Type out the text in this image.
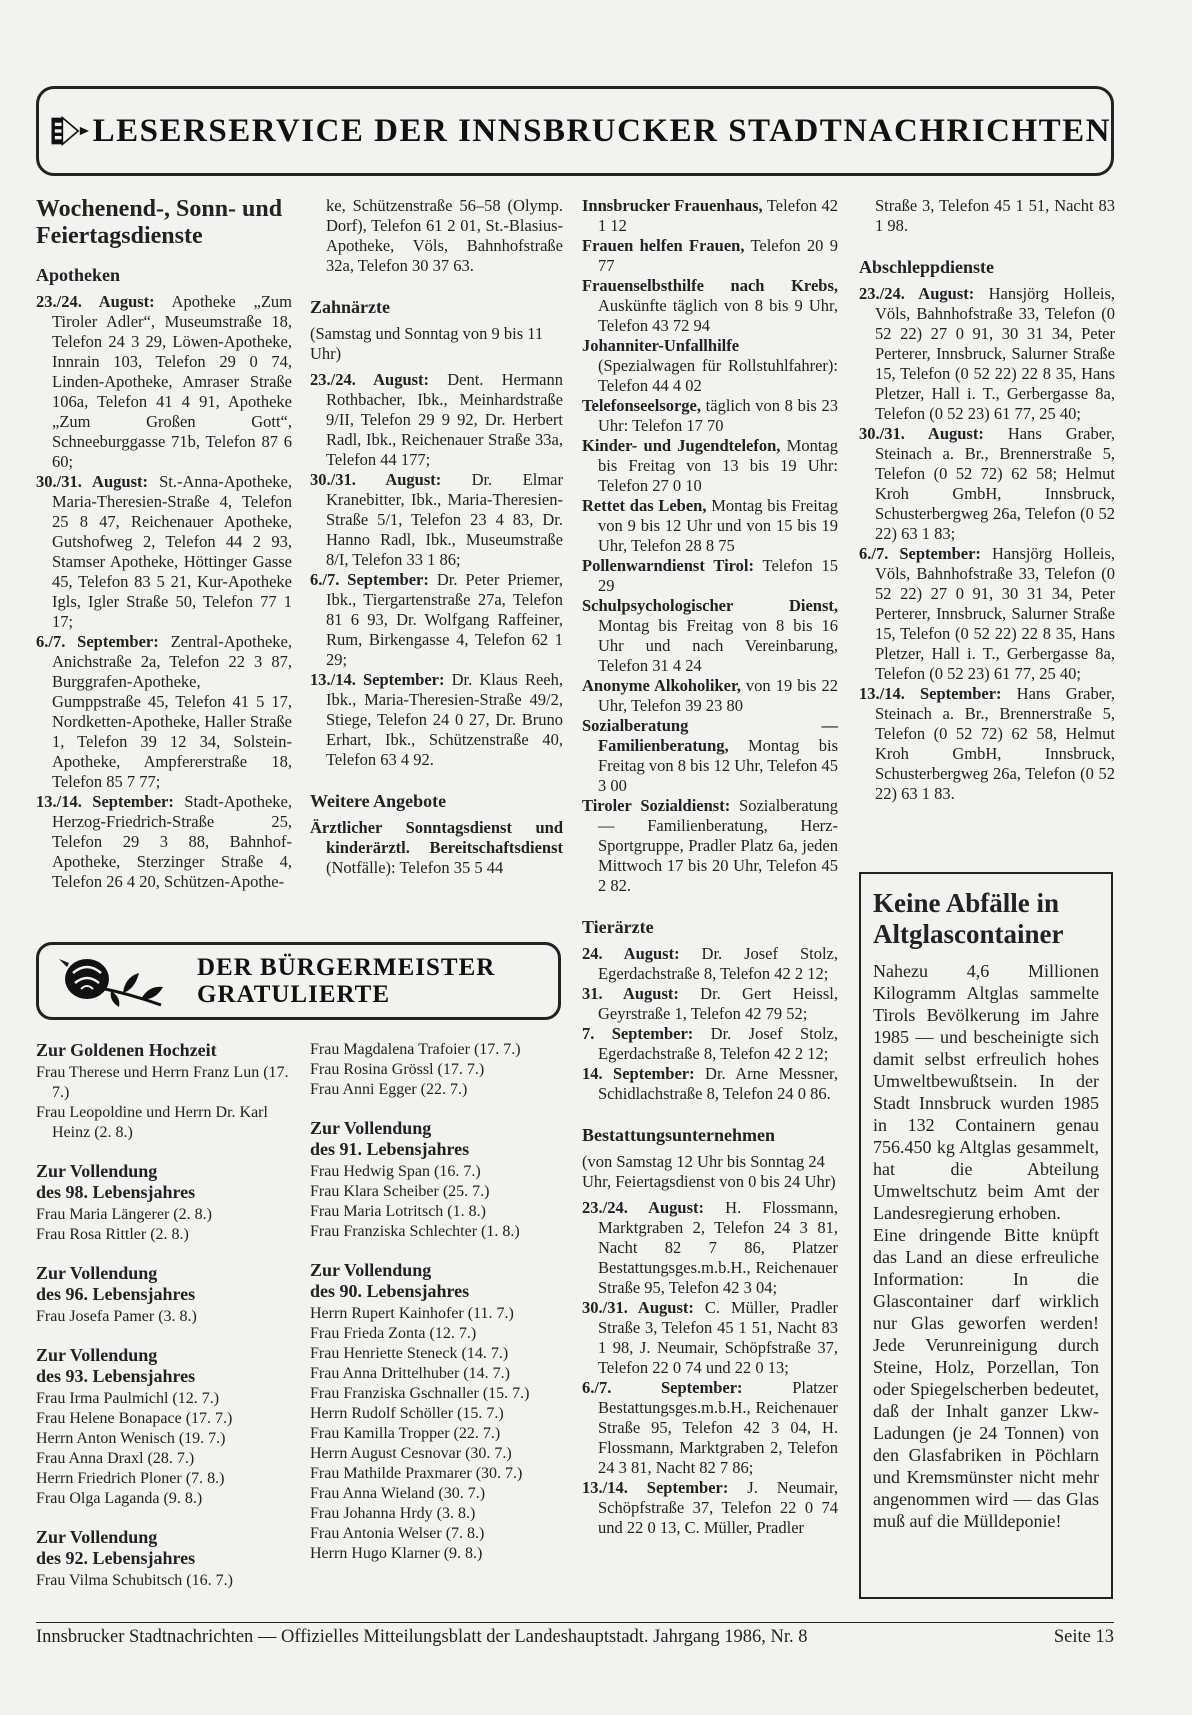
LESERSERVICE DER INNSBRUCKER STADTNACHRICHTEN
Wochenend-, Sonn- und Feiertagsdienste
Apotheken
23./24. August: Apotheke „Zum Tiroler Adler“, Museumstraße 18, Telefon 24 3 29, Löwen-Apotheke, Innrain 103, Telefon 29 0 74, Linden-Apotheke, Amraser Straße 106a, Telefon 41 4 91, Apotheke „Zum Großen Gott“, Schneeburggasse 71b, Telefon 87 6 60;
30./31. August: St.-Anna-Apotheke, Maria-Theresien-Straße 4, Telefon 25 8 47, Reichenauer Apotheke, Gutshofweg 2, Telefon 44 2 93, Stamser Apotheke, Höttinger Gasse 45, Telefon 83 5 21, Kur-Apotheke Igls, Igler Straße 50, Telefon 77 1 17;
6./7. September: Zentral-Apotheke, Anichstraße 2a, Telefon 22 3 87, Burggrafen-Apotheke, Gumppstraße 45, Telefon 41 5 17, Nordketten-Apotheke, Haller Straße 1, Telefon 39 12 34, Solstein-Apotheke, Ampfererstraße 18, Telefon 85 7 77;
13./14. September: Stadt-Apotheke, Herzog-Friedrich-Straße 25, Telefon 29 3 88, Bahnhof-Apotheke, Sterzinger Straße 4, Telefon 26 4 20, Schützen-Apothe-
ke, Schützenstraße 56–58 (Olymp. Dorf), Telefon 61 2 01, St.-Blasius-Apotheke, Völs, Bahnhofstraße 32a, Telefon 30 37 63.
Zahnärzte
(Samstag und Sonntag von 9 bis 11 Uhr)
23./24. August: Dent. Hermann Rothbacher, Ibk., Meinhardstraße 9/II, Telefon 29 9 92, Dr. Herbert Radl, Ibk., Reichenauer Straße 33a, Telefon 44 177;
30./31. August: Dr. Elmar Kranebitter, Ibk., Maria-Theresien-Straße 5/1, Telefon 23 4 83, Dr. Hanno Radl, Ibk., Museumstraße 8/I, Telefon 33 1 86;
6./7. September: Dr. Peter Priemer, Ibk., Tiergartenstraße 27a, Telefon 81 6 93, Dr. Wolfgang Raffeiner, Rum, Birkengasse 4, Telefon 62 1 29;
13./14. September: Dr. Klaus Reeh, Ibk., Maria-Theresien-Straße 49/2, Stiege, Telefon 24 0 27, Dr. Bruno Erhart, Ibk., Schützenstraße 40, Telefon 63 4 92.
Weitere Angebote
Ärztlicher Sonntagsdienst und kinderärztl. Bereitschaftsdienst (Notfälle): Telefon 35 5 44
Innsbrucker Frauenhaus, Telefon 42 1 12
Frauen helfen Frauen, Telefon 20 9 77
Frauenselbsthilfe nach Krebs, Auskünfte täglich von 8 bis 9 Uhr, Telefon 43 72 94
Johanniter-Unfallhilfe (Spezialwagen für Rollstuhlfahrer): Telefon 44 4 02
Telefonseelsorge, täglich von 8 bis 23 Uhr: Telefon 17 70
Kinder- und Jugendtelefon, Montag bis Freitag von 13 bis 19 Uhr: Telefon 27 0 10
Rettet das Leben, Montag bis Freitag von 9 bis 12 Uhr und von 15 bis 19 Uhr, Telefon 28 8 75
Pollenwarndienst Tirol: Telefon 15 29
Schulpsychologischer Dienst, Montag bis Freitag von 8 bis 16 Uhr und nach Vereinbarung, Telefon 31 4 24
Anonyme Alkoholiker, von 19 bis 22 Uhr, Telefon 39 23 80
Sozialberatung — Familienberatung, Montag bis Freitag von 8 bis 12 Uhr, Telefon 45 3 00
Tiroler Sozialdienst: Sozialberatung — Familienberatung, Herz-Sportgruppe, Pradler Platz 6a, jeden Mittwoch 17 bis 20 Uhr, Telefon 45 2 82.
Tierärzte
24. August: Dr. Josef Stolz, Egerdachstraße 8, Telefon 42 2 12;
31. August: Dr. Gert Heissl, Geyrstraße 1, Telefon 42 79 52;
7. September: Dr. Josef Stolz, Egerdachstraße 8, Telefon 42 2 12;
14. September: Dr. Arne Messner, Schidlachstraße 8, Telefon 24 0 86.
Bestattungsunternehmen
(von Samstag 12 Uhr bis Sonntag 24 Uhr, Feiertagsdienst von 0 bis 24 Uhr)
23./24. August: H. Flossmann, Marktgraben 2, Telefon 24 3 81, Nacht 82 7 86, Platzer Bestattungsges.m.b.H., Reichenauer Straße 95, Telefon 42 3 04;
30./31. August: C. Müller, Pradler Straße 3, Telefon 45 1 51, Nacht 83 1 98, J. Neumair, Schöpfstraße 37, Telefon 22 0 74 und 22 0 13;
6./7. September: Platzer Bestattungsges.m.b.H., Reichenauer Straße 95, Telefon 42 3 04, H. Flossmann, Marktgraben 2, Telefon 24 3 81, Nacht 82 7 86;
13./14. September: J. Neumair, Schöpfstraße 37, Telefon 22 0 74 und 22 0 13, C. Müller, Pradler
Straße 3, Telefon 45 1 51, Nacht 83 1 98.
Abschleppdienste
23./24. August: Hansjörg Holleis, Völs, Bahnhofstraße 33, Telefon (0 52 22) 27 0 91, 30 31 34, Peter Perterer, Innsbruck, Salurner Straße 15, Telefon (0 52 22) 22 8 35, Hans Pletzer, Hall i. T., Gerbergasse 8a, Telefon (0 52 23) 61 77, 25 40;
30./31. August: Hans Graber, Steinach a. Br., Brennerstraße 5, Telefon (0 52 72) 62 58; Helmut Kroh GmbH, Innsbruck, Schusterbergweg 26a, Telefon (0 52 22) 63 1 83;
6./7. September: Hansjörg Holleis, Völs, Bahnhofstraße 33, Telefon (0 52 22) 27 0 91, 30 31 34, Peter Perterer, Innsbruck, Salurner Straße 15, Telefon (0 52 22) 22 8 35, Hans Pletzer, Hall i. T., Gerbergasse 8a, Telefon (0 52 23) 61 77, 25 40;
13./14. September: Hans Graber, Steinach a. Br., Brennerstraße 5, Telefon (0 52 72) 62 58, Helmut Kroh GmbH, Innsbruck, Schusterbergweg 26a, Telefon (0 52 22) 63 1 83.
Keine Abfälle in Altglascontainer
Nahezu 4,6 Millionen Kilogramm Altglas sammelte Tirols Bevölkerung im Jahre 1985 — und bescheinigte sich damit selbst erfreulich hohes Umweltbewußtsein. In der Stadt Innsbruck wurden 1985 in 132 Containern genau 756.450 kg Altglas gesammelt, hat die Abteilung Umweltschutz beim Amt der Landesregierung erhoben.
Eine dringende Bitte knüpft das Land an diese erfreuliche Information: In die Glascontainer darf wirklich nur Glas geworfen werden! Jede Verunreinigung durch Steine, Holz, Porzellan, Ton oder Spiegelscherben bedeutet, daß der Inhalt ganzer Lkw-Ladungen (je 24 Tonnen) von den Glasfabriken in Pöchlarn und Kremsmünster nicht mehr angenommen wird — das Glas muß auf die Mülldeponie!
DER BÜRGERMEISTER
GRATULIERTE
Zur Goldenen Hochzeit
Frau Therese und Herrn Franz Lun (17. 7.)
Frau Leopoldine und Herrn Dr. Karl Heinz (2. 8.)
Zur Vollendung
des 98. Lebensjahres
Frau Maria Längerer (2. 8.)
Frau Rosa Rittler (2. 8.)
Zur Vollendung
des 96. Lebensjahres
Frau Josefa Pamer (3. 8.)
Zur Vollendung
des 93. Lebensjahres
Frau Irma Paulmichl (12. 7.)
Frau Helene Bonapace (17. 7.)
Herrn Anton Wenisch (19. 7.)
Frau Anna Draxl (28. 7.)
Herrn Friedrich Ploner (7. 8.)
Frau Olga Laganda (9. 8.)
Zur Vollendung
des 92. Lebensjahres
Frau Vilma Schubitsch (16. 7.)
Frau Magdalena Trafoier (17. 7.)
Frau Rosina Grössl (17. 7.)
Frau Anni Egger (22. 7.)
Zur Vollendung
des 91. Lebensjahres
Frau Hedwig Span (16. 7.)
Frau Klara Scheiber (25. 7.)
Frau Maria Lotritsch (1. 8.)
Frau Franziska Schlechter (1. 8.)
Zur Vollendung
des 90. Lebensjahres
Herrn Rupert Kainhofer (11. 7.)
Frau Frieda Zonta (12. 7.)
Frau Henriette Steneck (14. 7.)
Frau Anna Drittelhuber (14. 7.)
Frau Franziska Gschnaller (15. 7.)
Herrn Rudolf Schöller (15. 7.)
Frau Kamilla Tropper (22. 7.)
Herrn August Cesnovar (30. 7.)
Frau Mathilde Praxmarer (30. 7.)
Frau Anna Wieland (30. 7.)
Frau Johanna Hrdy (3. 8.)
Frau Antonia Welser (7. 8.)
Herrn Hugo Klarner (9. 8.)
Innsbrucker Stadtnachrichten — Offizielles Mitteilungsblatt der Landeshauptstadt. Jahrgang 1986, Nr. 8	Seite 13
